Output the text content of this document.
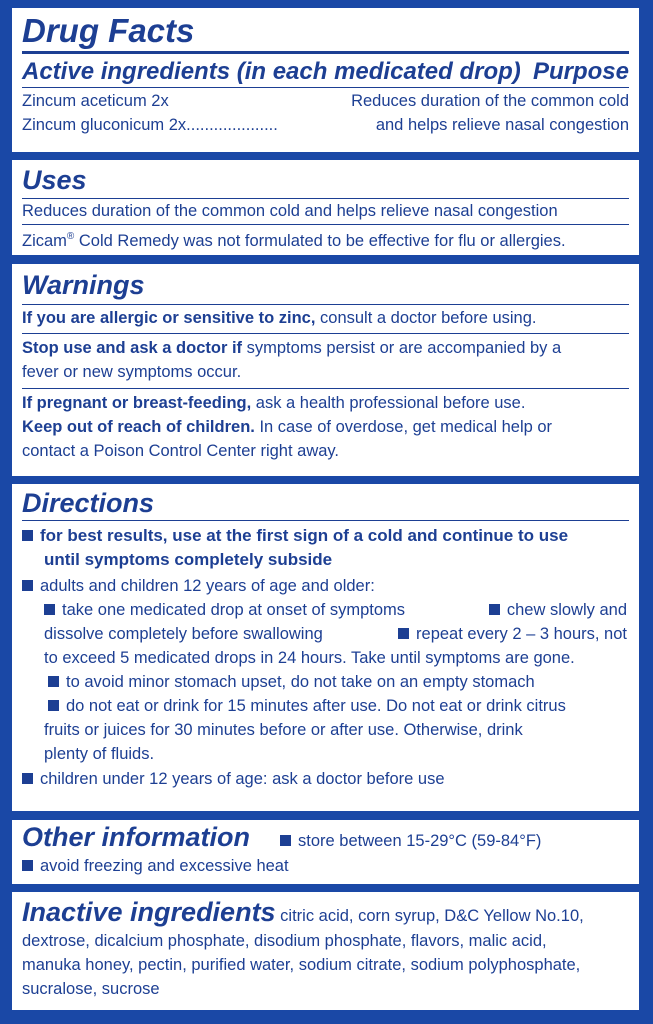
Drug Facts
Active ingredients (in each medicated drop) Purpose
Zincum aceticum 2x	Reduces duration of the common cold
Zincum gluconicum 2x....................	and helps relieve nasal congestion
Uses
Reduces duration of the common cold and helps relieve nasal congestion
Zicam® Cold Remedy was not formulated to be effective for flu or allergies.
Warnings
If you are allergic or sensitive to zinc, consult a doctor before using.
Stop use and ask a doctor if symptoms persist or are accompanied by a
fever or new symptoms occur.
If pregnant or breast-feeding, ask a health professional before use.
Keep out of reach of children. In case of overdose, get medical help or
contact a Poison Control Center right away.
Directions
for best results, use at the first sign of a cold and continue to use
until symptoms completely subside
adults and children 12 years of age and older:
take one medicated drop at onset of symptoms	chew slowly and
dissolve completely before swallowing	repeat every 2 – 3 hours, not
to exceed 5 medicated drops in 24 hours. Take until symptoms are gone.
to avoid minor stomach upset, do not take on an empty stomach
do not eat or drink for 15 minutes after use. Do not eat or drink citrus
fruits or juices for 30 minutes before or after use. Otherwise, drink
plenty of fluids.
children under 12 years of age: ask a doctor before use
Other information	store between 15-29°C (59-84°F)
avoid freezing and excessive heat
Inactive ingredients citric acid, corn syrup, D&C Yellow No.10,
dextrose, dicalcium phosphate, disodium phosphate, flavors, malic acid,
manuka honey, pectin, purified water, sodium citrate, sodium polyphosphate,
sucralose, sucrose
